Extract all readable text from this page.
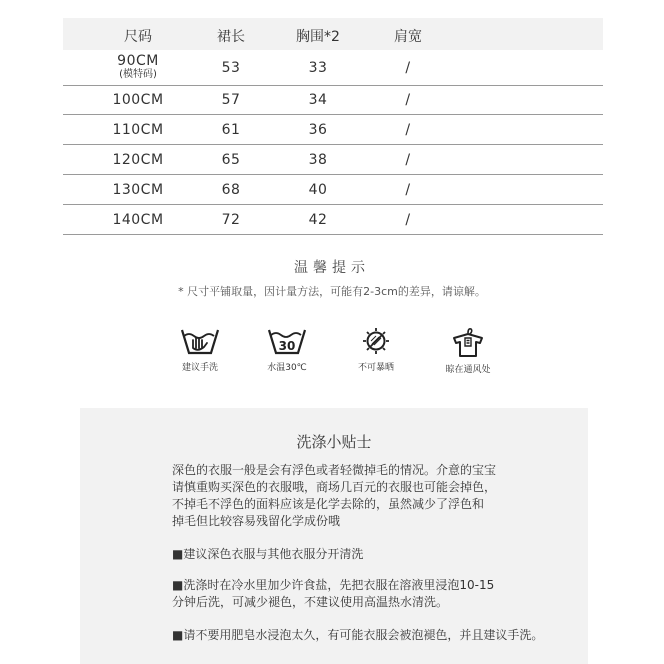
尺码	裙长	胸围*2	肩宽
90CM
(模特码)	53	33	/
100CM	57	34	/
110CM	61	36	/
120CM	65	38	/
130CM	68	40	/
140CM	72	42	/
温馨提示
* 尺寸平铺取量，因计量方法，可能有2-3cm的差异，请谅解。
建议手洗
30
水温30℃	不可暴晒	晾在通风处
洗涤小贴士

深色的衣服一般是会有浮色或者轻微掉毛的情况。介意的宝宝
请慎重购买深色的衣服哦，商场几百元的衣服也可能会掉色，
不掉毛不浮色的面料应该是化学去除的，虽然减少了浮色和
掉毛但比较容易残留化学成份哦

■建议深色衣服与其他衣服分开清洗

■洗涤时在冷水里加少许食盐，先把衣服在溶液里浸泡10-15
分钟后洗，可减少褪色，不建议使用高温热水清洗。

■请不要用肥皂水浸泡太久，有可能衣服会被泡褪色，并且建议手洗。
